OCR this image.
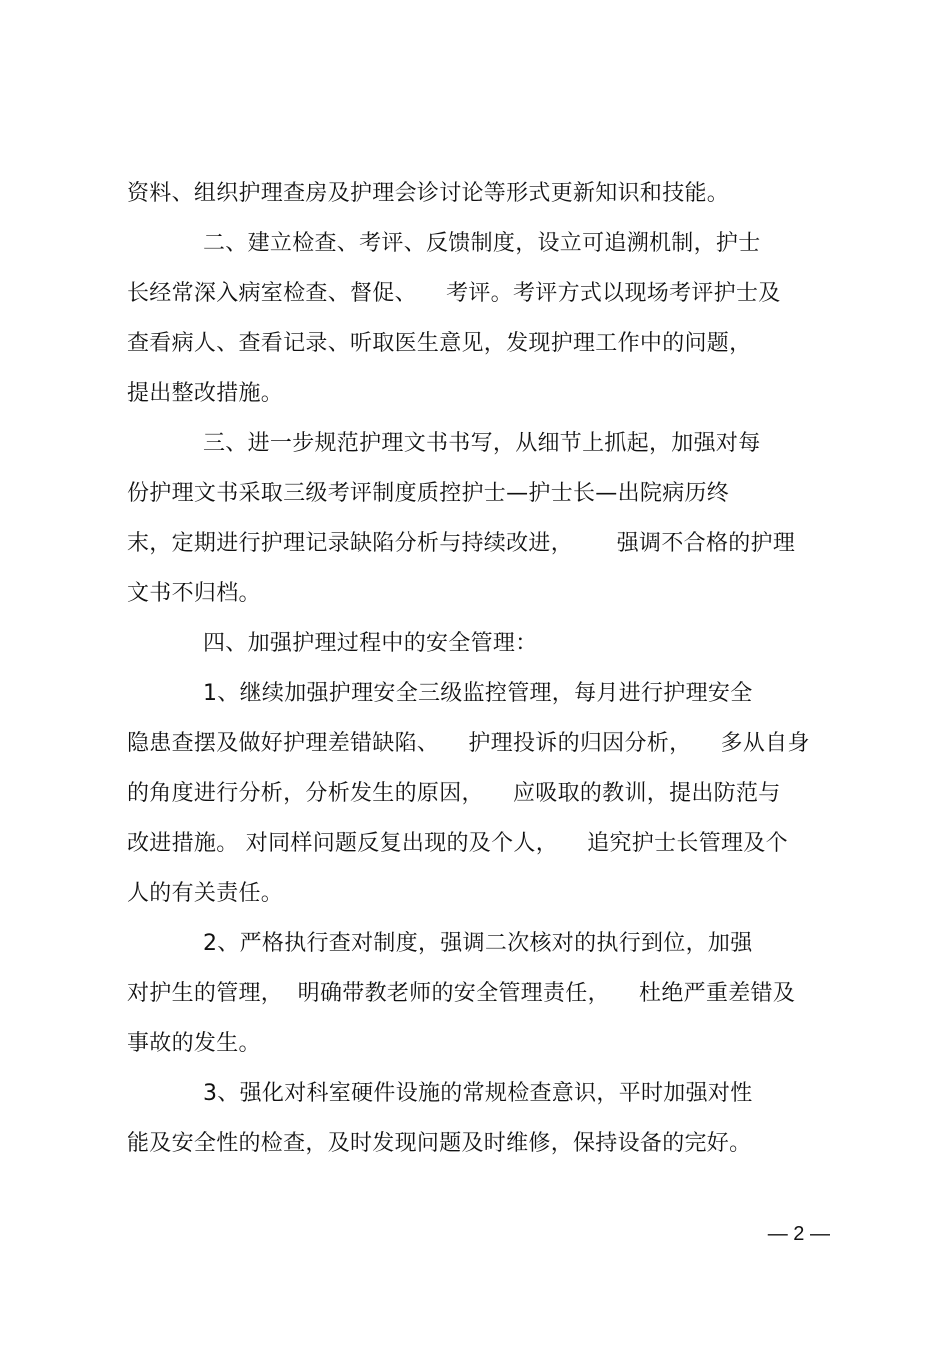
资料、组织护理查房及护理会诊讨论等形式更新知识和技能。
二、建立检查、考评、反馈制度，设立可追溯机制，护士
长经常深入病室检查、督促、    考评。考评方式以现场考评护士及
查看病人、查看记录、听取医生意见，发现护理工作中的问题，
提出整改措施。
三、进一步规范护理文书书写，从细节上抓起，加强对每
份护理文书采取三级考评制度质控护士—护士长—出院病历终
末，定期进行护理记录缺陷分析与持续改进，      强调不合格的护理
文书不归档。
四、加强护理过程中的安全管理：
1、继续加强护理安全三级监控管理，每月进行护理安全
隐患查摆及做好护理差错缺陷、    护理投诉的归因分析，    多从自身
的角度进行分析，分析发生的原因，    应吸取的教训，提出防范与
改进措施。 对同样问题反复出现的及个人，    追究护士长管理及个
人的有关责任。
2、严格执行查对制度，强调二次核对的执行到位，加强
对护生的管理，  明确带教老师的安全管理责任，    杜绝严重差错及
事故的发生。
3、强化对科室硬件设施的常规检查意识，平时加强对性
能及安全性的检查，及时发现问题及时维修，保持设备的完好。
— 2 —
